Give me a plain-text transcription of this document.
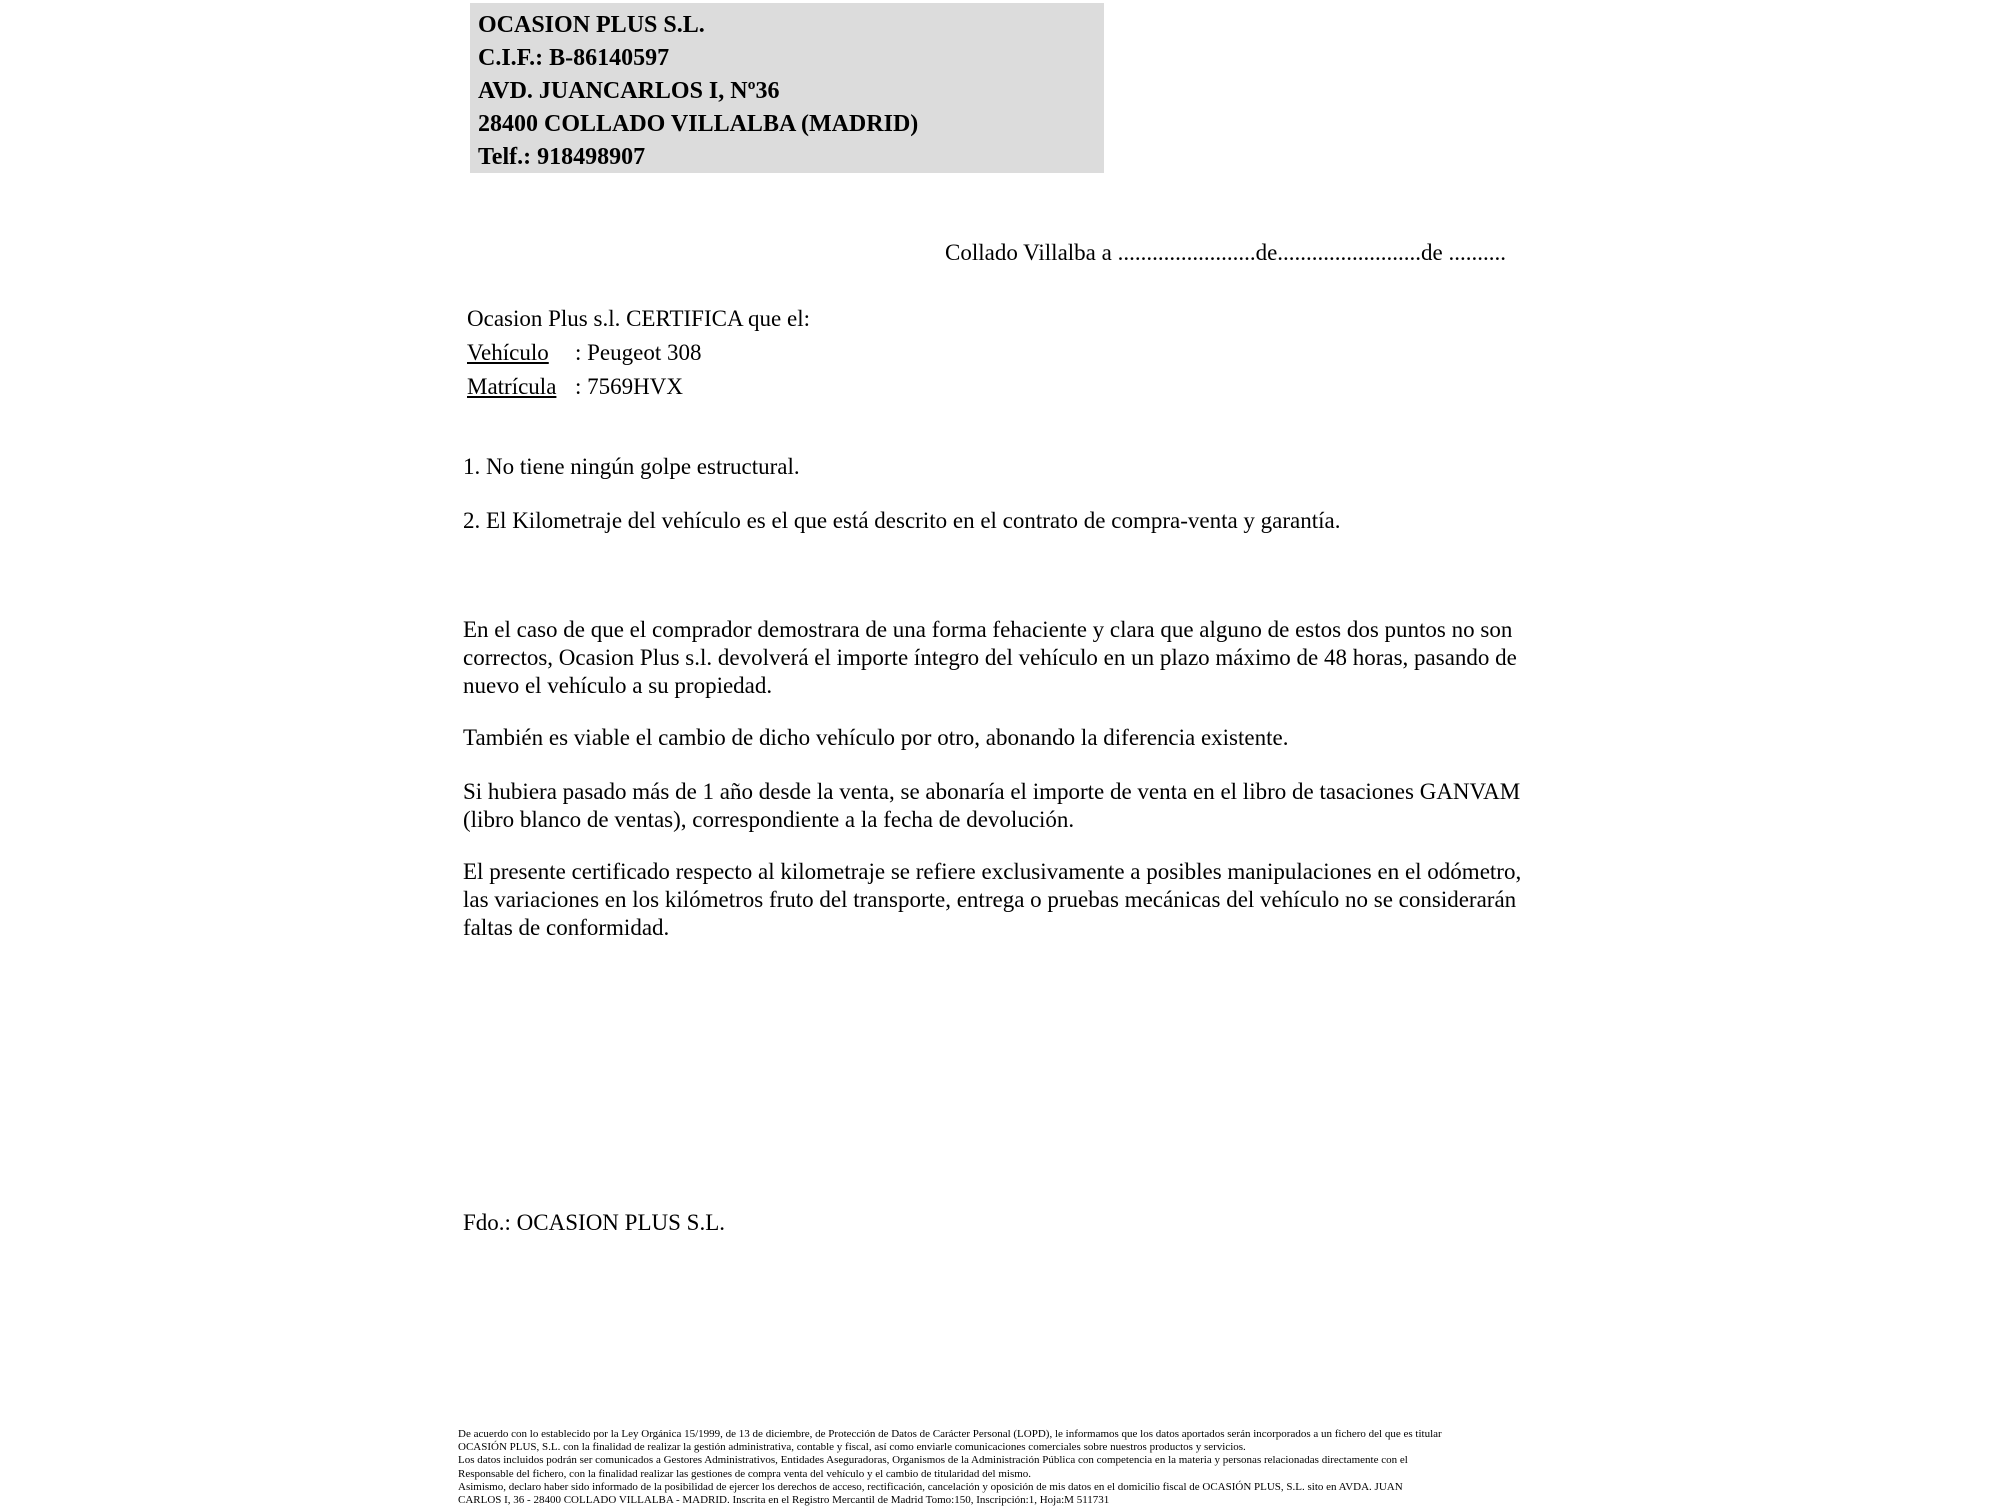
OCASION PLUS S.L.
C.I.F.: B-86140597
AVD. JUANCARLOS I, Nº36
28400 COLLADO VILLALBA (MADRID)
Telf.: 918498907
Collado Villalba a ........................de.........................de ..........
Ocasion Plus s.l. CERTIFICA que el:
Vehículo : Peugeot 308
Matrícula : 7569HVX
1. No tiene ningún golpe estructural.
2. El Kilometraje del vehículo es el que está descrito en el contrato de compra-venta y garantía.

En el caso de que el comprador demostrara de una forma fehaciente y clara que alguno de estos dos puntos no son correctos, Ocasion Plus s.l. devolverá el importe íntegro del vehículo en un plazo máximo de 48 horas, pasando de nuevo el vehículo a su propiedad.

También es viable el cambio de dicho vehículo por otro, abonando la diferencia existente.

Si hubiera pasado más de 1 año desde la venta, se abonaría el importe de venta en el libro de tasaciones GANVAM (libro blanco de ventas), correspondiente a la fecha de devolución.

El presente certificado respecto al kilometraje se refiere exclusivamente a posibles manipulaciones en el odómetro, las variaciones en los kilómetros fruto del transporte, entrega o pruebas mecánicas del vehículo no se considerarán faltas de conformidad.

Fdo.: OCASION PLUS S.L.
De acuerdo con lo establecido por la Ley Orgánica 15/1999, de 13 de diciembre, de Protección de Datos de Carácter Personal (LOPD), le informamos que los datos aportados serán incorporados a un fichero del que es titular
OCASIÓN PLUS, S.L. con la finalidad de realizar la gestión administrativa, contable y fiscal, así como enviarle comunicaciones comerciales sobre nuestros productos y servicios.
Los datos incluidos podrán ser comunicados a Gestores Administrativos, Entidades Aseguradoras, Organismos de la Administración Pública con competencia en la materia y personas relacionadas directamente con el
Responsable del fichero, con la finalidad realizar las gestiones de compra venta del vehículo y el cambio de titularidad del mismo.
Asimismo, declaro haber sido informado de la posibilidad de ejercer los derechos de acceso, rectificación, cancelación y oposición de mis datos en el domicilio fiscal de OCASIÓN PLUS, S.L. sito en AVDA. JUAN
CARLOS I, 36 - 28400 COLLADO VILLALBA - MADRID. Inscrita en el Registro Mercantil de Madrid Tomo:150, Inscripción:1, Hoja:M 511731
